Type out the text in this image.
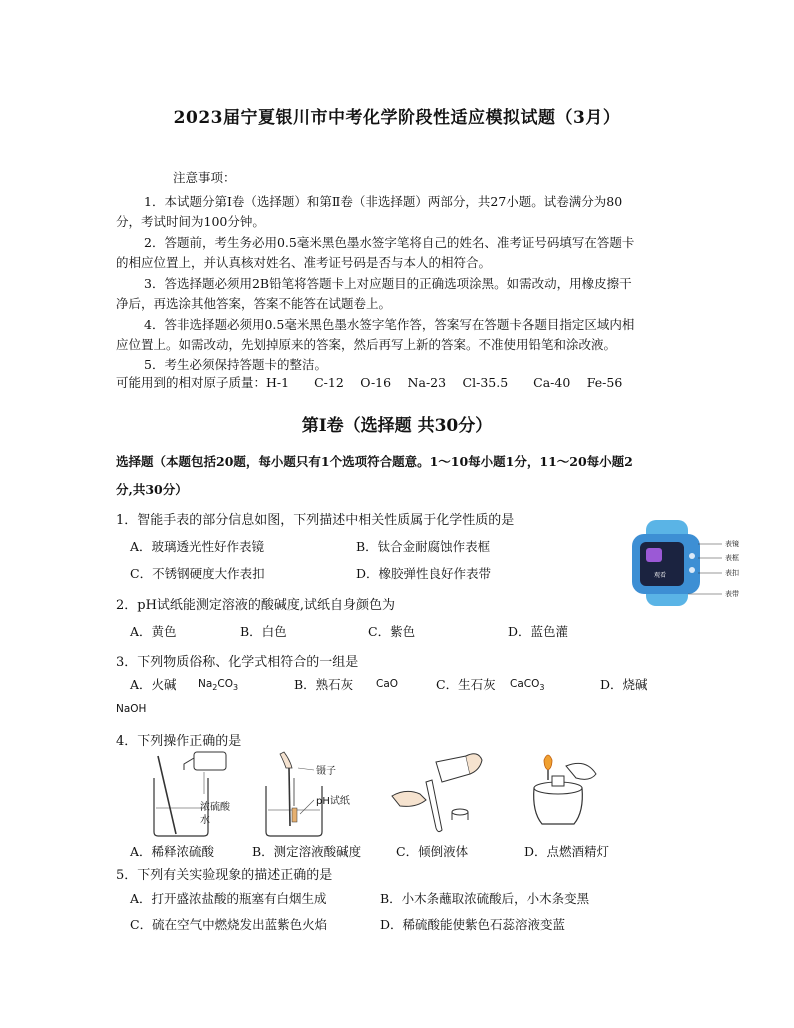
2023届宁夏银川市中考化学阶段性适应模拟试题（3月）
注意事项：
1．本试题分第Ⅰ卷（选择题）和第Ⅱ卷（非选择题）两部分，共27小题。试卷满分为80
分，考试时间为100分钟。
2．答题前，考生务必用0.5毫米黑色墨水签字笔将自己的姓名、准考证号码填写在答题卡
的相应位置上，并认真核对姓名、准考证号码是否与本人的相符合。
3．答选择题必须用2B铅笔将答题卡上对应题目的正确选项涂黑。如需改动，用橡皮擦干
净后，再选涂其他答案，答案不能答在试题卷上。
4．答非选择题必须用0.5毫米黑色墨水签字笔作答，答案写在答题卡各题目指定区域内相
应位置上。如需改动，先划掉原来的答案，然后再写上新的答案。不准使用铅笔和涂改液。
5．考生必须保持答题卡的整洁。
可能用到的相对原子质量：H-1　　C-12　 O-16　 Na-23　 Cl-35.5　　Ca-40　 Fe-56
第Ⅰ卷（选择题 共30分）
选择题（本题包括20题，每小题只有1个选项符合题意。1～10每小题1分，11～20每小题2
分,共30分）
1．智能手表的部分信息如图，下列描述中相关性质属于化学性质的是
A．玻璃透光性好作表镜	B．钛合金耐腐蚀作表框
C．不锈钢硬度大作表扣	D．橡胶弹性良好作表带	观看
表镜
表框
表扣
表带
2．pH试纸能测定溶液的酸碱度,试纸自身颜色为
A．黄色	B．白色	C．紫色	D．蓝色灌
3．下列物质俗称、化学式相符合的一组是
A．火碱 $Na_2CO_3$	B．熟石灰 CaO	C．生石灰 CaCO$_3$	D．烧碱
NaOH
4．下列操作正确的是
浓硫酸
水
镊子
pH试纸
A．稀释浓硫酸	B．测定溶液酸碱度	C．倾倒液体	D．点燃酒精灯
5．下列有关实验现象的描述正确的是
A．打开盛浓盐酸的瓶塞有白烟生成	B．小木条蘸取浓硫酸后，小木条变黑
C．硫在空气中燃烧发出蓝紫色火焰	D．稀硫酸能使紫色石蕊溶液变蓝
